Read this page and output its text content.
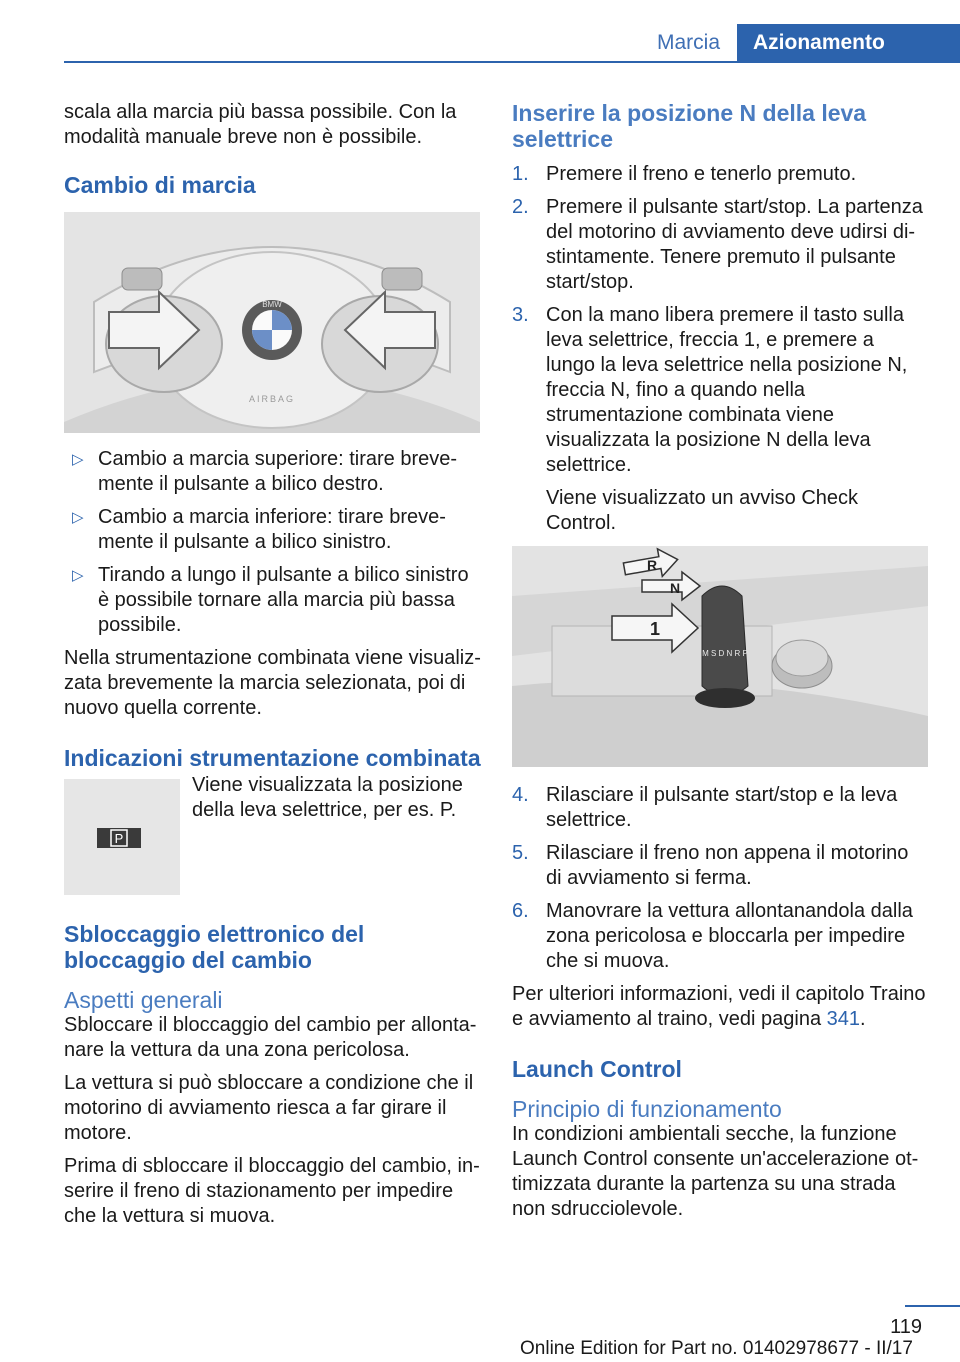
Marcia	Azionamento

scala alla marcia più bassa possibile. Con la modalità manuale breve non è possibile.

Cambio di marcia
BMW
AIRBAG
▷ Cambio a marcia superiore: tirare brevemente il pulsante a bilico destro.
▷ Cambio a marcia inferiore: tirare brevemente il pulsante a bilico sinistro.
▷ Tirando a lungo il pulsante a bilico sinistro è possibile tornare alla marcia più bassa possibile.

Nella strumentazione combinata viene visualizzata brevemente la marcia selezionata, poi di nuovo quella corrente.

Indicazioni strumentazione combinata
P

Viene visualizzata la posizione della leva selettrice, per es. P.

Sbloccaggio elettronico del bloccaggio del cambio
Aspetti generali

Sbloccare il bloccaggio del cambio per allontanare la vettura da una zona pericolosa.

La vettura si può sbloccare a condizione che il motorino di avviamento riesca a far girare il motore.

Prima di sbloccare il bloccaggio del cambio, inserire il freno di stazionamento per impedire che la vettura si muova.

Inserire la posizione N della leva selettrice
1. Premere il freno e tenerlo premuto.
2. Premere il pulsante start/stop. La partenza del motorino di avviamento deve udirsi distintamente. Tenere premuto il pulsante start/stop.
3. Con la mano libera premere il tasto sulla leva selettrice, freccia 1, e premere a lungo la leva selettrice nella posizione N, freccia N, fino a quando nella strumentazione combinata viene visualizzata la posizione N della leva selettrice.

Viene visualizzato un avviso Check Control.

M S D N R P
R
N
1
4. Rilasciare il pulsante start/stop e la leva selettrice.
5. Rilasciare il freno non appena il motorino di avviamento si ferma.
6. Manovrare la vettura allontanandola dalla zona pericolosa e bloccarla per impedire che si muova.

Per ulteriori informazioni, vedi il capitolo Traino e avviamento al traino, vedi pagina 341.

Launch Control
Principio di funzionamento

In condizioni ambientali secche, la funzione Launch Control consente un'accelerazione ottimizzata durante la partenza su una strada non sdrucciolevole.

119
Online Edition for Part no. 01402978677 - II/17
